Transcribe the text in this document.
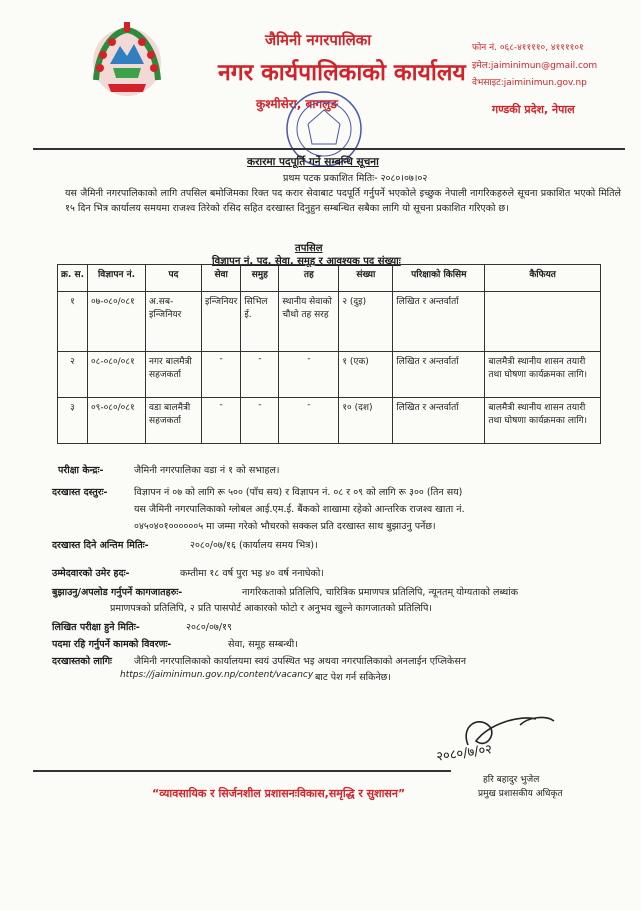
जैमिनी नगरपालिका
नगर कार्यपालिकाको कार्यालय
कुश्मीसेरा, बागलुङ
फोन नं. ०६८-४११११०, ४११११०१
इमेल:jaiminimun@gmail.com
वेभसाइट:jaiminimun.gov.np
गण्डकी प्रदेश, नेपाल
करारमा पदपूर्ति गर्ने सम्बन्धि सूचना
प्रथम पटक प्रकाशित मितिः- २०८०।०७।०२
यस जैमिनी नगरपालिकाको लागि तपसिल बमोजिमका रिक्त पद करार सेवाबाट पदपूर्ति गर्नुपर्ने भएकोले इच्छुक नेपाली नागरिकहरुले सूचना प्रकाशित भएको मितिले १५ दिन भित्र कार्यालय समयमा राजश्व तिरेको रसिद सहित दरखास्त दिनुहुन सम्बन्धित सबैका लागि यो सूचना प्रकाशित गरिएको छ।
तपसिल
विज्ञापन नं. पद, सेवा, समूह र आवश्यक पद संख्याः
क्र. स.	विज्ञापन नं.	पद	सेवा	समुह	तह	संख्या	परिक्षाको किसिम	कैफियत
१	०७-०८०/०८१	अ.सब-इन्जिनियर	इन्जिनियर	सिभिल ई.	स्थानीय सेवाको चौथो तह सरह	२ (दुइ)	लिखित र अन्तर्वार्ता	
२	०८-०८०/०८१	नगर बालमैत्री सहजकर्ता	-	-	-	१ (एक)	लिखित र अन्तर्वार्ता	बालमैत्री स्थानीय शासन तयारी तथा घोषणा कार्यक्रमका लागि।
३	०९-०८०/०८१	वडा बालमैत्री सहजकर्ता	-	-	-	१० (दश)	लिखित र अन्तर्वार्ता	बालमैत्री स्थानीय शासन तयारी तथा घोषणा कार्यक्रमका लागि।
परीक्षा केन्द्रः-	जैमिनी नगरपालिका वडा नं १ को सभाहल।
दरखास्त दस्तुरः-	विज्ञापन नं ०७ को लागि रू ५०० (पाँच सय) र विज्ञापन नं. ०८ र ०९ को लागि रू ३०० (तिन सय)
यस जैमिनी नगरपालिकाको ग्लोबल आई.एम.ई. बैंकको शाखामा रहेको आन्तरिक राजश्व खाता नं.
०४५०४०१००००००५ मा जम्मा गरेको भौचरको सक्कल प्रति दरखास्त साथ बुझाउनु पर्नेछ।
दरखास्त दिने अन्तिम मितिः-	२०८०/०७/१६ (कार्यालय समय भित्र)।
उम्मेदवारको उमेर हदः-	कम्तीमा १८ वर्ष पुरा भइ ४० वर्ष ननाघेको।
बुझाउनु/अपलोड गर्नुपर्ने कागजातहरुः-	नागरिकताको प्रतिलिपि, चारित्रिक प्रमाणपत्र प्रतिलिपि, न्यूनतम् योग्यताको लब्धांक
प्रमाणपत्रको प्रतिलिपि, २ प्रति पासपोर्ट आकारको फोटो र अनुभव खुल्ने कागजातको प्रतिलिपि।
लिखित परीक्षा हुने मितिः-	२०८०/०७/१९
पदमा रहि गर्नुपर्ने कामको विवरणः-	सेवा, समूह सम्बन्धी।
दरखास्तको लागिः जैमिनी नगरपालिकाको कार्यालयमा स्वयं उपस्थित भइ अथवा नगरपालिकाको अनलाईन एप्लिकेसन
https://jaiminimun.gov.np/content/vacancy बाट पेश गर्न सकिनेछ।
२०८०/७/०२
हरि बहादुर भुजेल
प्रमुख प्रशासकीय अधिकृत
“व्यावसायिक र सिर्जनशील प्रशासनःविकास,समृद्धि र सुशासन”
